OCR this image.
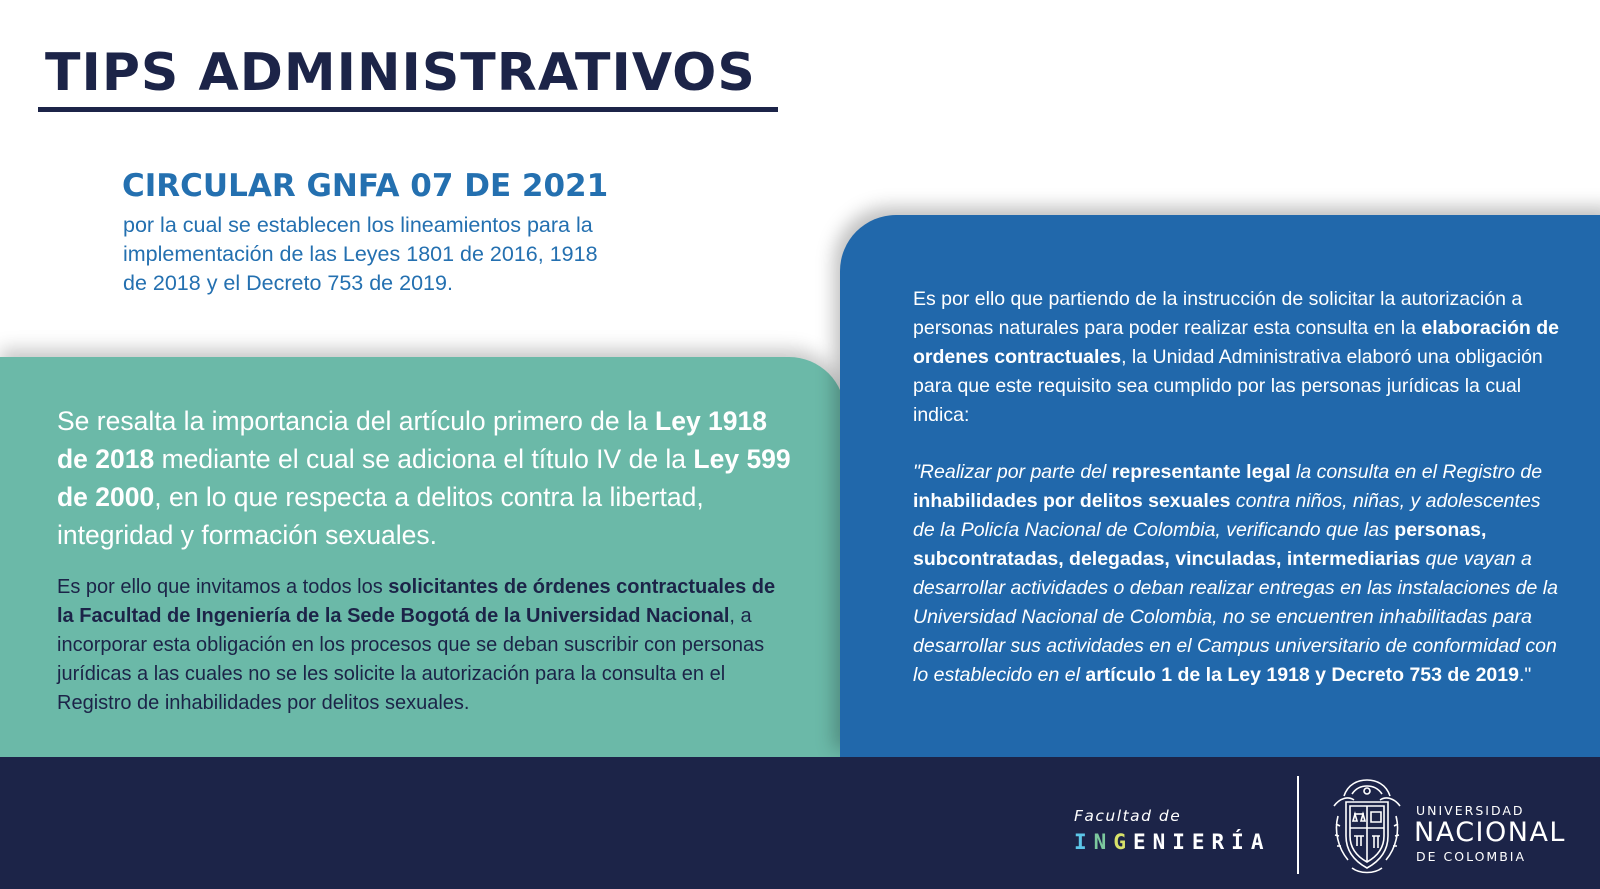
TIPS ADMINISTRATIVOS
CIRCULAR GNFA 07 DE 2021
por la cual se establecen los lineamientos para la implementación de las Leyes 1801 de 2016, 1918 de 2018 y el Decreto 753 de 2019.
Se resalta la importancia del artículo primero de la Ley 1918 de 2018 mediante el cual se adiciona el título IV de la Ley 599 de 2000, en lo que respecta a delitos contra la libertad, integridad y formación sexuales.
Es por ello que invitamos a todos los solicitantes de órdenes contractuales de la Facultad de Ingeniería de la Sede Bogotá de la Universidad Nacional, a incorporar esta obligación en los procesos que se deban suscribir con personas jurídicas a las cuales no se les solicite la autorización para la consulta en el Registro de inhabilidades por delitos sexuales.
Es por ello que partiendo de la instrucción de solicitar la autorización a personas naturales para poder realizar esta consulta en la elaboración de ordenes contractuales, la Unidad Administrativa elaboró una obligación para que este requisito sea cumplido por las personas jurídicas la cual indica:
"Realizar por parte del representante legal la consulta en el Registro de inhabilidades por delitos sexuales contra niños, niñas, y adolescentes de la Policía Nacional de Colombia, verificando que las personas, subcontratadas, delegadas, vinculadas, intermediarias que vayan a desarrollar actividades o deban realizar entregas en las instalaciones de la Universidad Nacional de Colombia, no se encuentren inhabilitadas para desarrollar sus actividades en el Campus universitario de conformidad con lo establecido en el artículo 1 de la Ley 1918 y Decreto 753 de 2019."
Facultad de
INGENIERÍA
UNIVERSIDAD
NACIONAL
DE COLOMBIA
